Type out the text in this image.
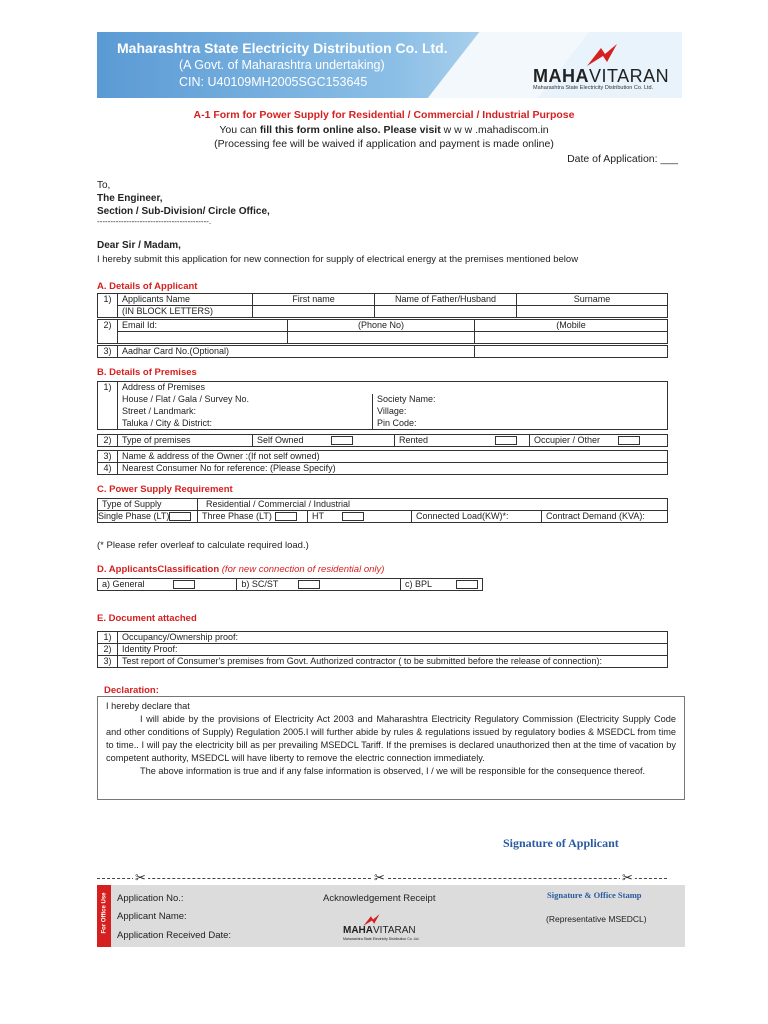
Maharashtra State Electricity Distribution Co. Ltd.
(A Govt. of Maharashtra undertaking)
CIN: U40109MH2005SGC153645	MAHAVITARAN
Maharashtra State Electricity Distribution Co. Ltd.
A-1 Form for Power Supply for Residential / Commercial / Industrial Purpose
You can fill this form online also. Please visit w w w .mahadiscom.in
(Processing fee will be waived if application and payment is made online)
Date of Application: ___
To,
The Engineer,
Section / Sub-Division/ Circle Office,
------------------------------------------.
Dear Sir / Madam,
I hereby submit this application for new connection for supply of electrical energy at the premises mentioned below
A. Details of Applicant
1)	Applicants Name	First name	Name of Father/Husband	Surname
	(IN BLOCK LETTERS)			
2)	Email Id:	(Phone No)	(Mobile

3)	Aadhar Card No.(Optional)	
B. Details of Premises
1)	Address of Premises	
	House / Flat / Gala / Survey No.	Society Name:
	Street / Landmark:	Village:
	Taluka / City & District:	Pin Code:
2)	Type of premises	Self Owned	Rented	Occupier / Other
3)	Name & address of the Owner :(If not self owned)
4)	Nearest Consumer No for reference: (Please Specify)
C. Power Supply Requirement
Type of Supply	Residential / Commercial / Industrial			
Single Phase (LT)	Three Phase (LT)	HT	Connected Load(KW)*:	Contract Demand (KVA):
(* Please refer overleaf to calculate required load.)
D. ApplicantsClassification (for new connection of residential only)
a) General	b) SC/ST	c) BPL
E. Document attached
1)	Occupancy/Ownership proof:
2)	Identity Proof:
3)	Test report of Consumer's premises from Govt. Authorized contractor ( to be submitted before the release of connection):
Declaration:
I hereby declare that
I will abide by the provisions of Electricity Act 2003 and Maharashtra Electricity Regulatory Commission (Electricity Supply Code and other conditions of Supply) Regulation 2005.I will further abide by rules & regulations issued by regulatory bodies & MSEDCL from time to time.. I will pay the electricity bill as per prevailing MSEDCL Tariff. If the premises is declared unauthorized then at the time of vacation by competent authority, MSEDCL will have liberty to remove the electric connection immediately.
The above information is true and if any false information is observed, I / we will be responsible for the consequence thereof.
Signature of Applicant
✂	✂	✂
For Office Use Application No.:
Applicant Name:
Application Received Date:
Acknowledgement Receipt
MAHAVITARAN
Maharashtra State Electricity Distribution Co. Ltd.
Signature & Office Stamp
(Representative MSEDCL)
